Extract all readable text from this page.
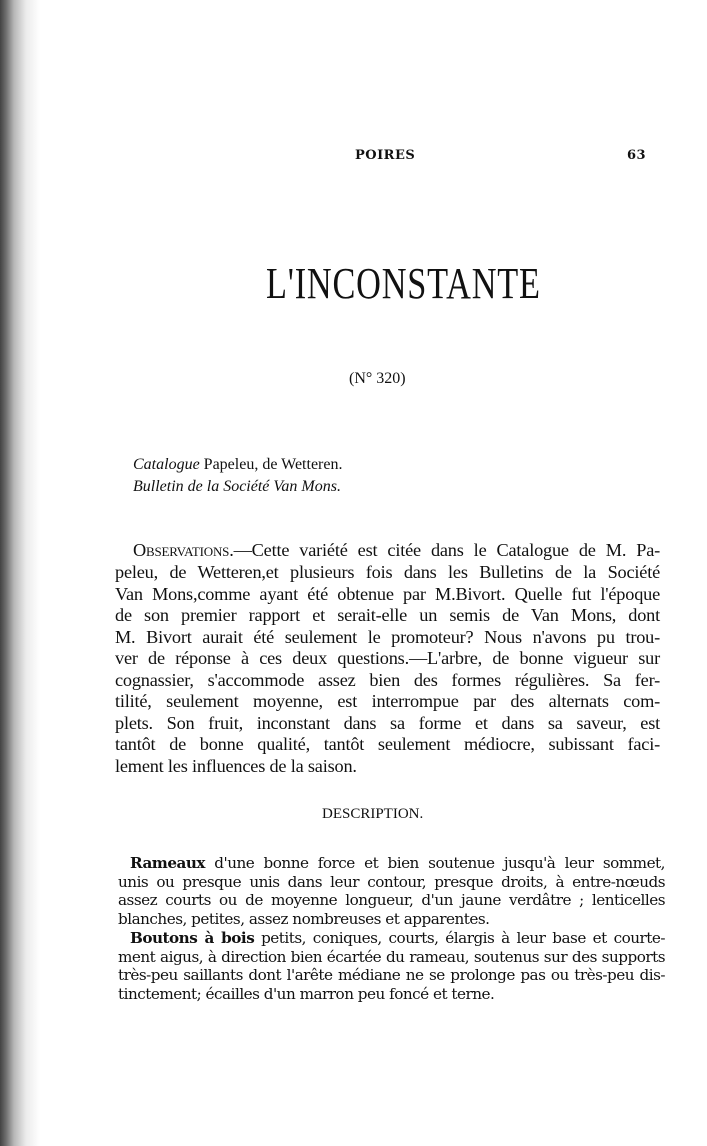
POIRES	63
L'INCONSTANTE
(N° 320)
Catalogue Papeleu, de Wetteren.
Bulletin de la Société Van Mons.
Observations.—Cette variété est citée dans le Catalogue de M. Pa-
peleu, de Wetteren,et plusieurs fois dans les Bulletins de la Société
Van Mons,comme ayant été obtenue par M.Bivort. Quelle fut l'époque
de son premier rapport et serait-elle un semis de Van Mons, dont
M. Bivort aurait été seulement le promoteur? Nous n'avons pu trou-
ver de réponse à ces deux questions.—L'arbre, de bonne vigueur sur
cognassier, s'accommode assez bien des formes régulières. Sa fer-
tilité, seulement moyenne, est interrompue par des alternats com-
plets. Son fruit, inconstant dans sa forme et dans sa saveur, est
tantôt de bonne qualité, tantôt seulement médiocre, subissant faci-
lement les influences de la saison.
DESCRIPTION.
Rameaux d'une bonne force et bien soutenue jusqu'à leur sommet,
unis ou presque unis dans leur contour, presque droits, à entre-nœuds
assez courts ou de moyenne longueur, d'un jaune verdâtre ; lenticelles
blanches, petites, assez nombreuses et apparentes.
Boutons à bois petits, coniques, courts, élargis à leur base et courte-
ment aigus, à direction bien écartée du rameau, soutenus sur des supports
très-peu saillants dont l'arête médiane ne se prolonge pas ou très-peu dis-
tinctement; écailles d'un marron peu foncé et terne.
